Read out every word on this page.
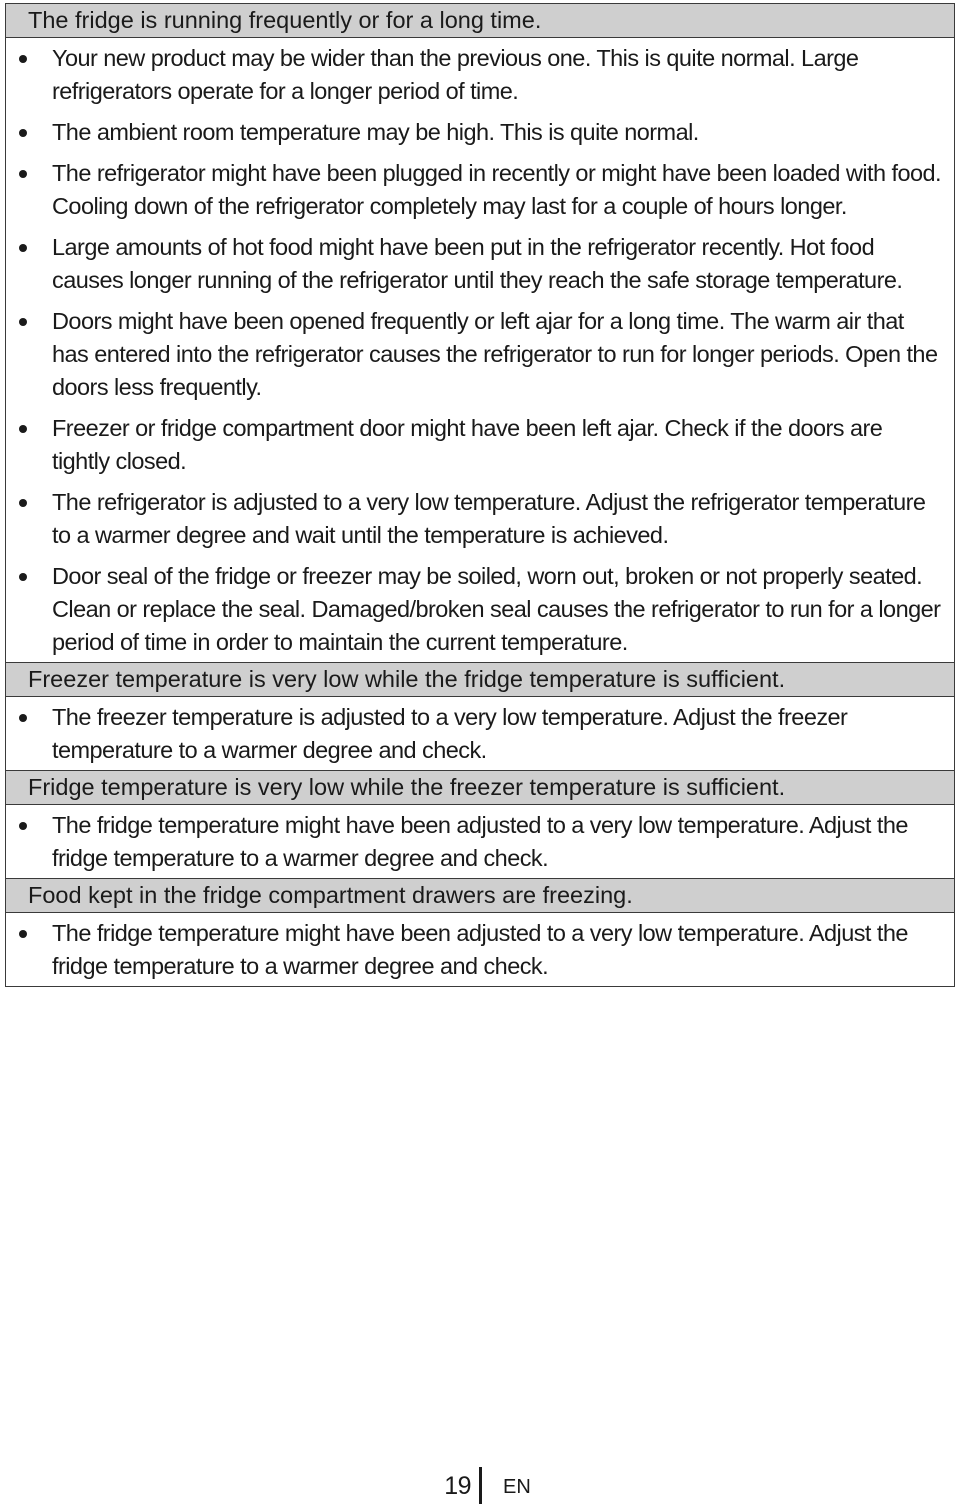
The fridge is running frequently or for a long time.
Your new product may be wider than the previous one. This is quite normal. Large refrigerators operate for a longer period of time.
The ambient room temperature may be high. This is quite normal.
The refrigerator might have been plugged in recently or might have been loaded with food. Cooling down of the refrigerator completely may last for a couple of hours longer.
Large amounts of hot food might have been put in the refrigerator recently. Hot food causes longer running of the refrigerator until they reach the safe storage temperature.
Doors might have been opened frequently or left ajar for a long time. The warm air that has entered into the refrigerator causes the refrigerator to run for longer periods. Open the doors less frequently.
Freezer or fridge compartment door might have been left ajar. Check if the doors are tightly closed.
The refrigerator is adjusted to a very low temperature. Adjust the refrigerator temperature to a warmer degree and wait until the temperature is achieved.
Door seal of the fridge or freezer may be soiled, worn out, broken or not properly seated. Clean or replace the seal. Damaged/broken seal causes the refrigerator to run for a longer period of time in order to maintain the current temperature.
Freezer temperature is very low while the fridge temperature is sufficient.
The freezer temperature is adjusted to a very low temperature. Adjust the freezer temperature to a warmer degree and check.
Fridge temperature is very low while the freezer temperature is sufficient.
The fridge temperature might have been adjusted to a very low temperature. Adjust the fridge temperature to a warmer degree and check.
Food kept in the fridge compartment drawers are freezing.
The fridge temperature might have been adjusted to a very low temperature. Adjust the fridge temperature to a warmer degree and check.
19 EN
